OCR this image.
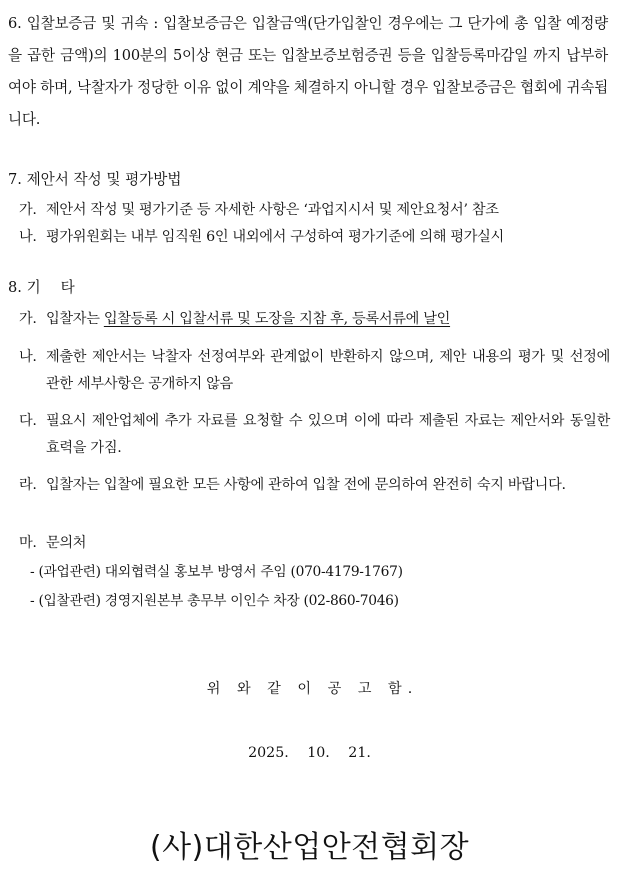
6. 입찰보증금 및 귀속 : 입찰보증금은 입찰금액(단가입찰인 경우에는 그 단가에 총 입찰 예정량을 곱한 금액)의 100분의 5이상 현금 또는 입찰보증보험증권 등을 입찰등록마감일 까지 납부하여야 하며, 낙찰자가 정당한 이유 없이 계약을 체결하지 아니할 경우 입찰보증금은 협회에 귀속됩니다.
7. 제안서 작성 및 평가방법
가. 제안서 작성 및 평가기준 등 자세한 사항은 ‘과업지시서 및 제안요청서’ 참조
나. 평가위원회는 내부 임직원 6인 내외에서 구성하여 평가기준에 의해 평가실시
8. 기타
가. 입찰자는 입찰등록 시 입찰서류 및 도장을 지참 후, 등록서류에 날인
나. 제출한 제안서는 낙찰자 선정여부와 관계없이 반환하지 않으며, 제안 내용의 평가 및 선정에 관한 세부사항은 공개하지 않음
다. 필요시 제안업체에 추가 자료를 요청할 수 있으며 이에 따라 제출된 자료는 제안서와 동일한 효력을 가짐.
라. 입찰자는 입찰에 필요한 모든 사항에 관하여 입찰 전에 문의하여 완전히 숙지 바랍니다.
마. 문의처
- (과업관련) 대외협력실 홍보부 방영서 주임 (070-4179-1767)
- (입찰관련) 경영지원본부 총무부 이인수 차장 (02-860-7046)
위 와 같 이 공 고 함.
2025. 10. 21.
(사)대한산업안전협회장
